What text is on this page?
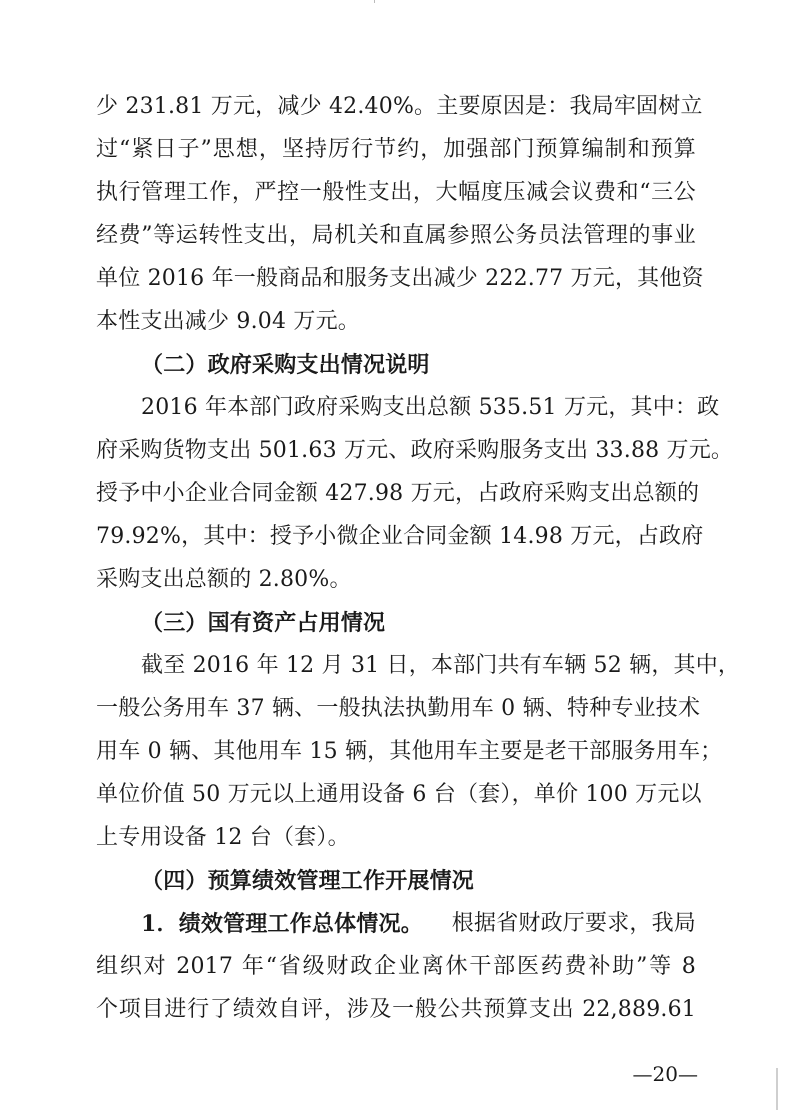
少 231.81 万元，减少 42.40%。主要原因是：我局牢固树立
过“紧日子”思想，坚持厉行节约，加强部门预算编制和预算
执行管理工作，严控一般性支出，大幅度压减会议费和“三公
经费”等运转性支出，局机关和直属参照公务员法管理的事业
单位 2016 年一般商品和服务支出减少 222.77 万元，其他资
本性支出减少 9.04 万元。
（二）政府采购支出情况说明
2016 年本部门政府采购支出总额 535.51 万元，其中：政
府采购货物支出 501.63 万元、政府采购服务支出 33.88 万元。
授予中小企业合同金额 427.98 万元，占政府采购支出总额的
79.92%，其中：授予小微企业合同金额 14.98 万元，占政府
采购支出总额的 2.80%。
（三）国有资产占用情况
截至 2016 年 12 月 31 日，本部门共有车辆 52 辆，其中，
一般公务用车 37 辆、一般执法执勤用车 0 辆、特种专业技术
用车 0 辆、其他用车 15 辆，其他用车主要是老干部服务用车；
单位价值 50 万元以上通用设备 6 台（套），单价 100 万元以
上专用设备 12 台（套）。
（四）预算绩效管理工作开展情况
1．绩效管理工作总体情况。 根据省财政厅要求，我局
组织对 2017 年“省级财政企业离休干部医药费补助”等 8
个项目进行了绩效自评，涉及一般公共预算支出 22,889.61
—20—
